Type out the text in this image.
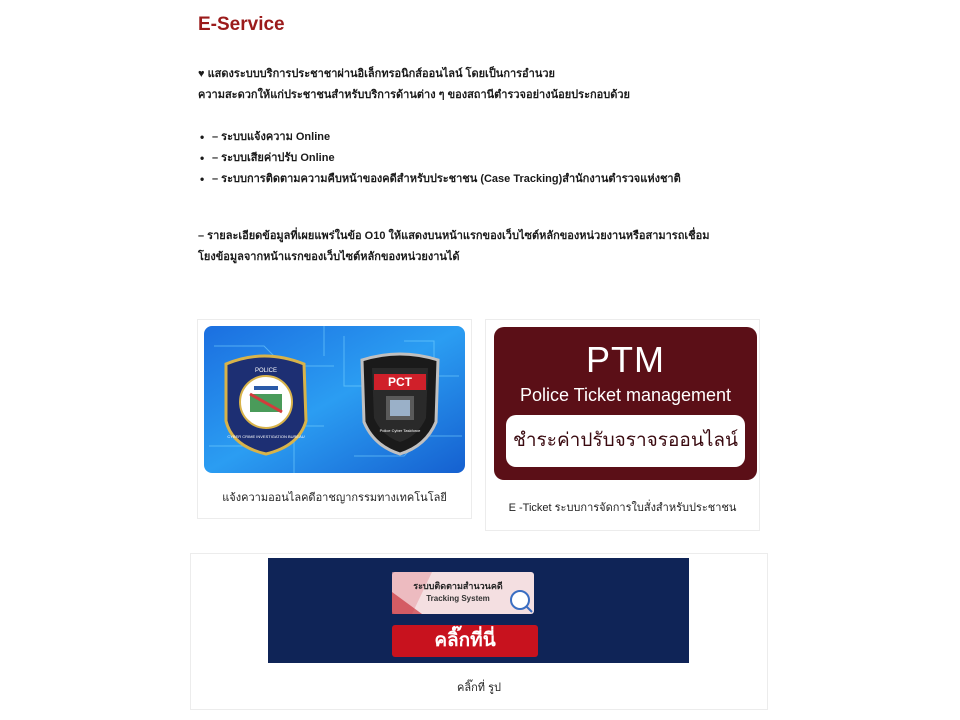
E-Service
♥ แสดงระบบบริการประชาชาผ่านอิเล็กทรอนิกส์ออนไลน์ โดยเป็นการอำนวย
ความสะดวกให้แก่ประชาชนสำหรับบริการด้านต่าง ๆ ของสถานีตำรวจอย่างน้อยประกอบด้วย
• – ระบบแจ้งความ Online
• – ระบบเสียค่าปรับ Online
• – ระบบการติดตามความคืบหน้าของคดีสำหรับประชาชน (Case Tracking)สำนักงานตำรวจแห่งชาติ
– รายละเอียดข้อมูลที่เผยแพร่ในข้อ O10 ให้แสดงบนหน้าแรกของเว็บไซต์หลักของหน่วยงานหรือสามารถเชื่อม
โยงข้อมูลจากหน้าแรกของเว็บไซต์หลักของหน่วยงานได้
POLICE
CYBER CRIME INVESTIGATION BUREAU
PCT
Police Cyber Taskforce
แจ้งความออนไลคดีอาชญากรรมทางเทคโนโลยี
PTM
Police Ticket management
ชำระค่าปรับจราจรออนไลน์
E -Ticket ระบบการจัดการใบสั่งสำหรับประชาชน
ระบบติดตามสำนวนคดี
Tracking System
คลิ๊กที่นี่
คลิ๊กที่ รูป
